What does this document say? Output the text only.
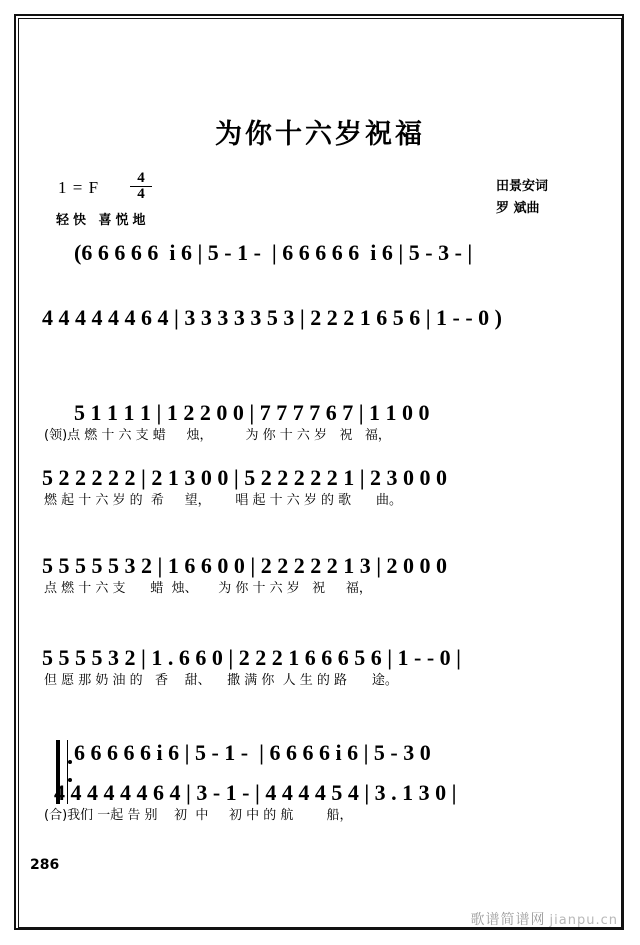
为你十六岁祝福
1 = F $\frac{4}{4}$
轻快 喜悦地
田景安词
罗 斌曲
(6 6 6 6 6  i 6 | 5 - 1 -  | 6 6 6 6 6  i 6 | 5 - 3 - |
4 4 4 4 4 4 6 4 | 3 3 3 3 3 5 3 | 2 2 2 1 6 5 6 | 1 - - 0 )
5 1 1 1 1 | 1 2 2 0 0 | 7 7 7 7 6 7 | 1 1 0 0
(领)点 燃 十 六 支 蜡     烛，        为 你 十 六 岁   祝   福，
5 2 2 2 2 2 | 2 1 3 0 0 | 5 2 2 2 2 2 1 | 2 3 0 0 0
燃 起 十 六 岁 的  希     望，      唱 起 十 六 岁 的 歌      曲。
5 5 5 5 5 3 2 | 1 6 6 0 0 | 2 2 2 2 2 1 3 | 2 0 0 0
点 燃 十 六 支      蜡  烛、     为 你 十 六 岁   祝     福，
5 5 5 5 3 2 | 1 . 6 6 0 | 2 2 2 1 6 6 6 5 6 | 1 - - 0 |
但 愿 那 奶 油 的   香    甜、    撒 满 你  人 生 的 路      途。
6 6 6 6 6 i 6 | 5 - 1 -  | 6 6 6 6 i 6 | 5 - 3 0
4 4 4 4 4 4 6 4 | 3 - 1 - | 4 4 4 4 5 4 | 3 . 1 3 0 |
(合)我们 一起 告 别    初  中     初 中 的 航        船，
286
歌谱简谱网 jianpu.cn
